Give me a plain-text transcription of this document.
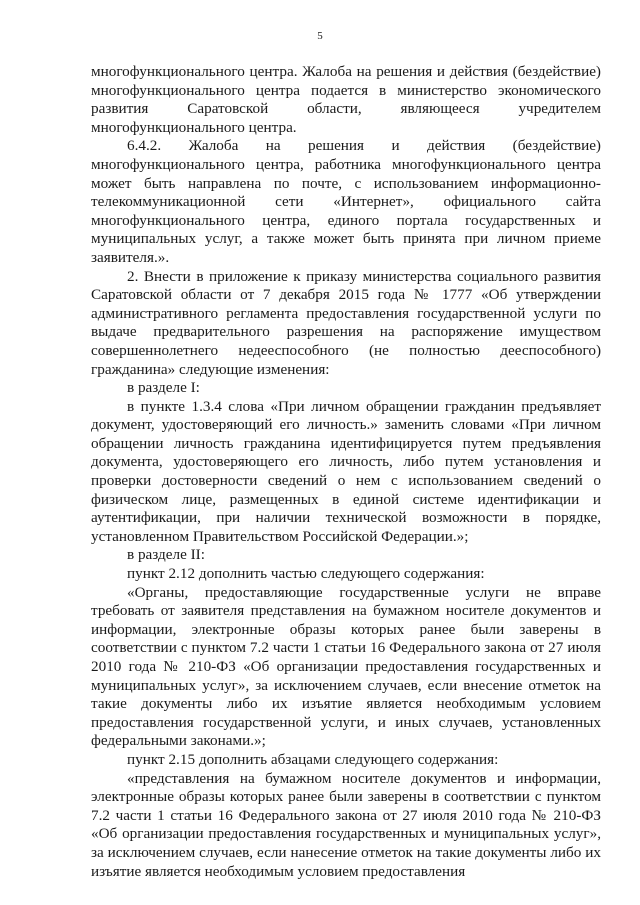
5

многофункционального центра. Жалоба на решения и действия (бездействие) многофункционального центра подается в министерство экономического развития Саратовской области, являющееся учредителем многофункционального центра.

6.4.2. Жалоба на решения и действия (бездействие) многофункционального центра, работника многофункционального центра может быть направлена по почте, с использованием информационно-телекоммуникационной сети «Интернет», официального сайта многофункционального центра, единого портала государственных и муниципальных услуг, а также может быть принята при личном приеме заявителя.».

2. Внести в приложение к приказу министерства социального развития Саратовской области от 7 декабря 2015 года № 1777 «Об утверждении административного регламента предоставления государственной услуги по выдаче предварительного разрешения на распоряжение имуществом совершеннолетнего недееспособного (не полностью дееспособного) гражданина» следующие изменения:

в разделе I:

в пункте 1.3.4 слова «При личном обращении гражданин предъявляет документ, удостоверяющий его личность.» заменить словами «При личном обращении личность гражданина идентифицируется путем предъявления документа, удостоверяющего его личность, либо путем установления и проверки достоверности сведений о нем с использованием сведений о физическом лице, размещенных в единой системе идентификации и аутентификации, при наличии технической возможности в порядке, установленном Правительством Российской Федерации.»;

в разделе II:

пункт 2.12 дополнить частью следующего содержания:

«Органы, предоставляющие государственные услуги не вправе требовать от заявителя представления на бумажном носителе документов и информации, электронные образы которых ранее были заверены в соответствии с пунктом 7.2 части 1 статьи 16 Федерального закона от 27 июля 2010 года № 210-ФЗ «Об организации предоставления государственных и муниципальных услуг», за исключением случаев, если внесение отметок на такие документы либо их изъятие является необходимым условием предоставления государственной услуги, и иных случаев, установленных федеральными законами.»;

пункт 2.15 дополнить абзацами следующего содержания:

«представления на бумажном носителе документов и информации, электронные образы которых ранее были заверены в соответствии с пунктом 7.2 части 1 статьи 16 Федерального закона от 27 июля 2010 года № 210-ФЗ «Об организации предоставления государственных и муниципальных услуг», за исключением случаев, если нанесение отметок на такие документы либо их изъятие является необходимым условием предоставления
